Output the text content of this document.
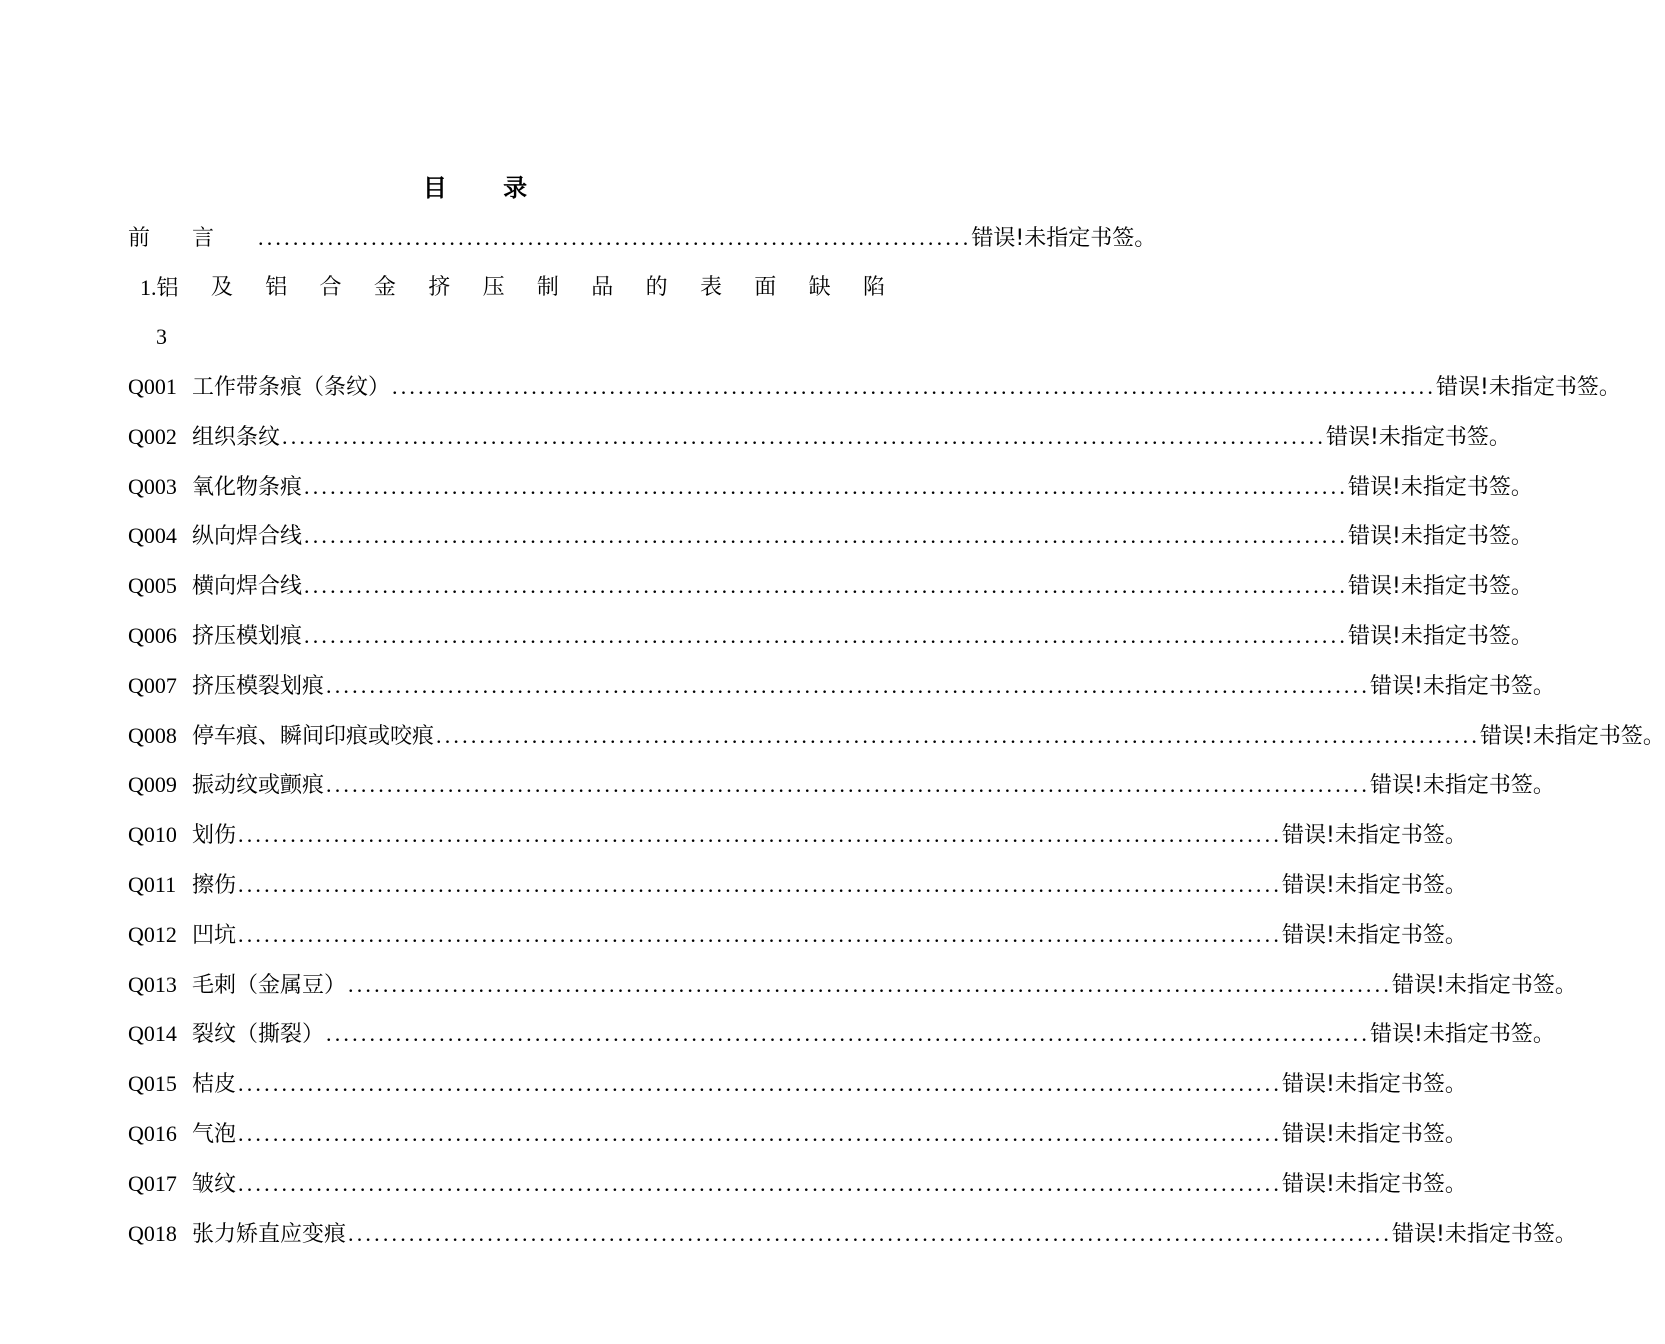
目 录
前言 .................................................................................. 错误!未指定书签。
1.铝 及 铝 合 金 挤 压 制 品 的 表 面 缺 陷
3
Q001 工作带条痕（条纹） ........................................................................................................................ 错误!未指定书签。
Q002 组织条纹 ........................................................................................................................ 错误!未指定书签。
Q003 氧化物条痕 ........................................................................................................................ 错误!未指定书签。
Q004 纵向焊合线 ........................................................................................................................ 错误!未指定书签。
Q005 横向焊合线 ........................................................................................................................ 错误!未指定书签。
Q006 挤压模划痕 ........................................................................................................................ 错误!未指定书签。
Q007 挤压模裂划痕 ........................................................................................................................ 错误!未指定书签。
Q008 停车痕、瞬间印痕或咬痕 ........................................................................................................................ 错误!未指定书签。
Q009 振动纹或颤痕 ........................................................................................................................ 错误!未指定书签。
Q010 划伤 ........................................................................................................................ 错误!未指定书签。
Q011 擦伤 ........................................................................................................................ 错误!未指定书签。
Q012 凹坑 ........................................................................................................................ 错误!未指定书签。
Q013 毛刺（金属豆） ........................................................................................................................ 错误!未指定书签。
Q014 裂纹（撕裂） ........................................................................................................................ 错误!未指定书签。
Q015 桔皮 ........................................................................................................................ 错误!未指定书签。
Q016 气泡 ........................................................................................................................ 错误!未指定书签。
Q017 皱纹 ........................................................................................................................ 错误!未指定书签。
Q018 张力矫直应变痕 ........................................................................................................................ 错误!未指定书签。
